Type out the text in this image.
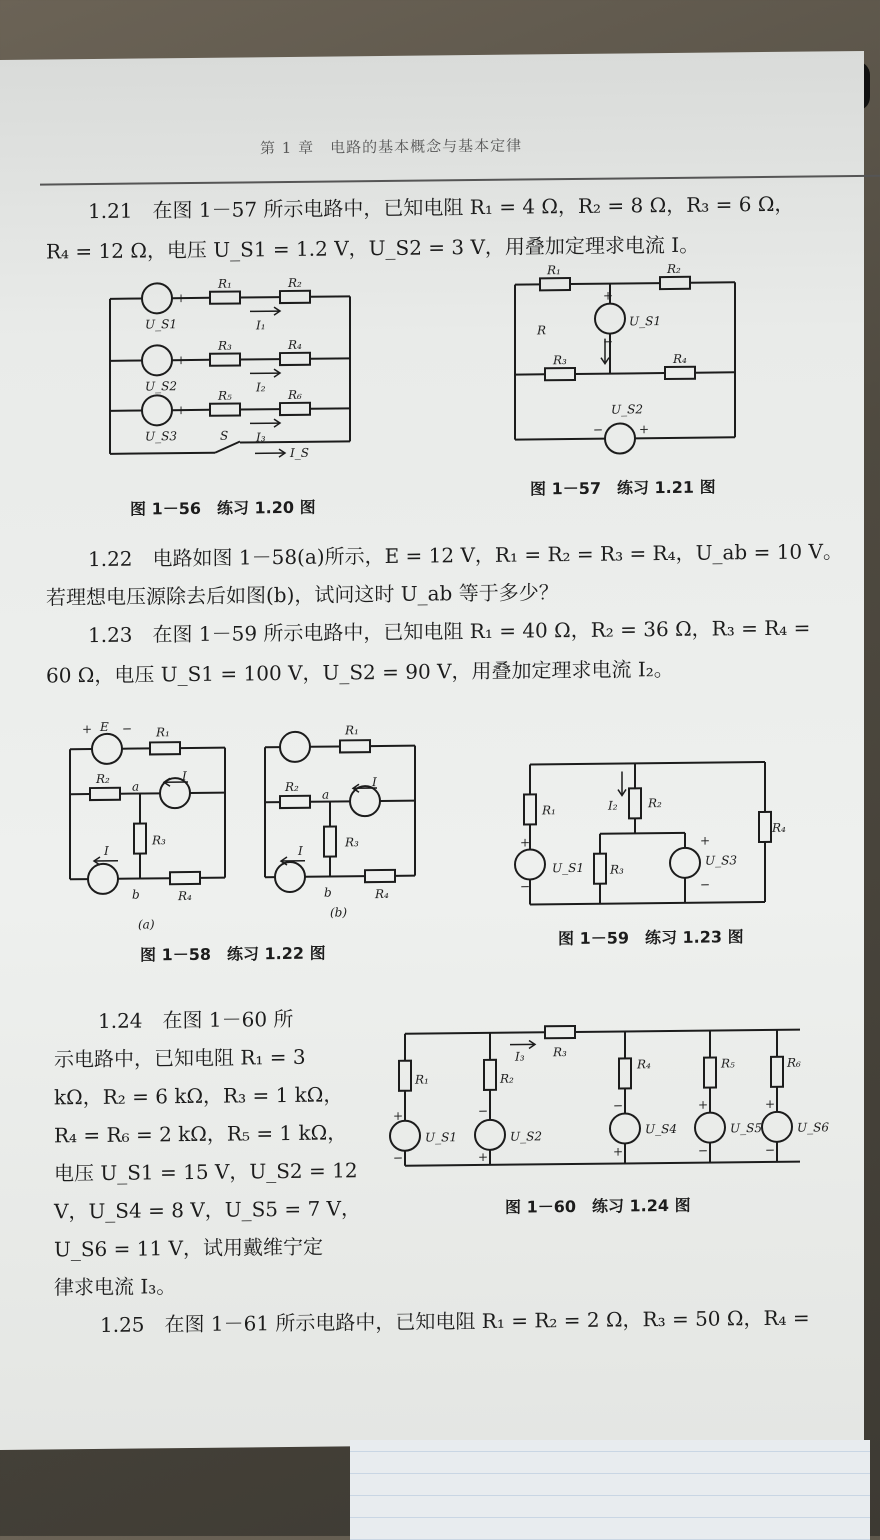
第 1 章　电路的基本概念与基本定律
1.21　在图 1－57 所示电路中，已知电阻 R₁ = 4 Ω，R₂ = 8 Ω，R₃ = 6 Ω，
R₄ = 12 Ω，电压 U_S1 = 1.2 V，U_S2 = 3 V，用叠加定理求电流 I。
R₁	R₂
R₃	R₄
R₅	R₆
U_S1
U_S2
U_S3
I₁
I₂
I₃
I_S
S
−	+
−	+
−	+
图 1－56　练习 1.20 图
R₁	R₂
R₃	R₄
R
U_S1
U_S2
+
−
−	+
图 1－57　练习 1.21 图
1.22　电路如图 1－58(a)所示，E = 12 V，R₁ = R₂ = R₃ = R₄，U_ab = 10 V。
若理想电压源除去后如图(b)，试问这时 U_ab 等于多少？
1.23　在图 1－59 所示电路中，已知电阻 R₁ = 40 Ω，R₂ = 36 Ω，R₃ = R₄ =
60 Ω，电压 U_S1 = 100 V，U_S2 = 90 V，用叠加定理求电流 I₂。
E
+ − R₁
R₂
R₃
R₄
I
I
a
b
(a)
R₁
R₂
R₃
R₄
I
I
a
b
(b)
图 1－58　练习 1.22 图
R₁
R₂
R₃
R₄
I₂
U_S1
U_S3
+
−
+
−
图 1－59　练习 1.23 图
1.24　在图 1－60 所
示电路中，已知电阻 R₁ = 3
kΩ，R₂ = 6 kΩ，R₃ = 1 kΩ，
R₄ = R₆ = 2 kΩ，R₅ = 1 kΩ，
电压 U_S1 = 15 V，U_S2 = 12
V，U_S4 = 8 V，U_S5 = 7 V，
U_S6 = 11 V，试用戴维宁定
律求电流 I₃。
R₁	R₂
R₃
R₄	R₅	R₆
I₃
U_S1	U_S2
U_S4	U_S5	U_S6
+
−
−
+
−
+
+
−
+
−
图 1－60　练习 1.24 图
1.25　在图 1－61 所示电路中，已知电阻 R₁ = R₂ = 2 Ω，R₃ = 50 Ω，R₄ =
